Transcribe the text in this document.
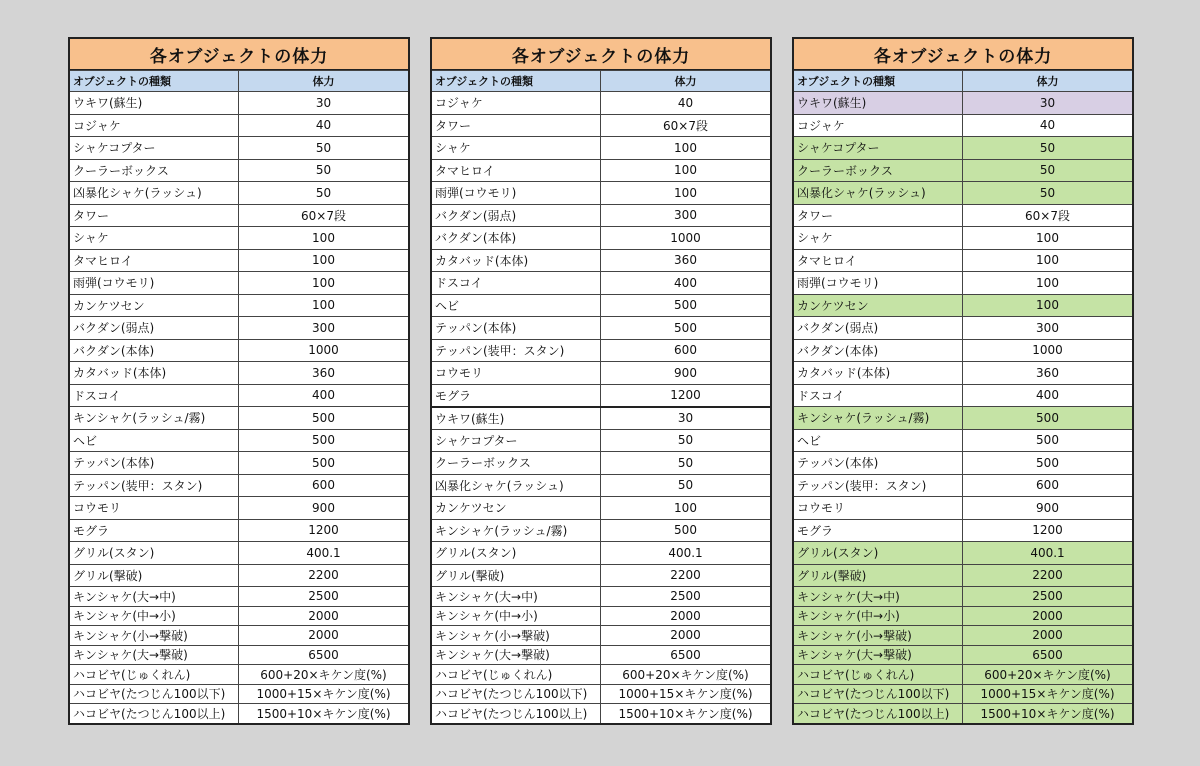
各オブジェクトの体力
オブジェクトの種類	体力
ウキワ(蘇生)	30
コジャケ	40
シャケコプター	50
クーラーボックス	50
凶暴化シャケ(ラッシュ)	50
タワー	60×7段
シャケ	100
タマヒロイ	100
雨弾(コウモリ)	100
カンケツセン	100
バクダン(弱点)	300
バクダン(本体)	1000
カタバッド(本体)	360
ドスコイ	400
キンシャケ(ラッシュ/霧)	500
ヘビ	500
テッパン(本体)	500
テッパン(装甲：スタン)	600
コウモリ	900
モグラ	1200
グリル(スタン)	400.1
グリル(撃破)	2200
キンシャケ(大→中)	2500
キンシャケ(中→小)	2000
キンシャケ(小→撃破)	2000
キンシャケ(大→撃破)	6500
ハコビヤ(じゅくれん)	600+20×キケン度(%)
ハコビヤ(たつじん100以下)	1000+15×キケン度(%)
ハコビヤ(たつじん100以上)	1500+10×キケン度(%)
各オブジェクトの体力
オブジェクトの種類	体力
コジャケ	40
タワー	60×7段
シャケ	100
タマヒロイ	100
雨弾(コウモリ)	100
バクダン(弱点)	300
バクダン(本体)	1000
カタバッド(本体)	360
ドスコイ	400
ヘビ	500
テッパン(本体)	500
テッパン(装甲：スタン)	600
コウモリ	900
モグラ	1200
ウキワ(蘇生)	30
シャケコプター	50
クーラーボックス	50
凶暴化シャケ(ラッシュ)	50
カンケツセン	100
キンシャケ(ラッシュ/霧)	500
グリル(スタン)	400.1
グリル(撃破)	2200
キンシャケ(大→中)	2500
キンシャケ(中→小)	2000
キンシャケ(小→撃破)	2000
キンシャケ(大→撃破)	6500
ハコビヤ(じゅくれん)	600+20×キケン度(%)
ハコビヤ(たつじん100以下)	1000+15×キケン度(%)
ハコビヤ(たつじん100以上)	1500+10×キケン度(%)
各オブジェクトの体力
オブジェクトの種類	体力
ウキワ(蘇生)	30
コジャケ	40
シャケコプター	50
クーラーボックス	50
凶暴化シャケ(ラッシュ)	50
タワー	60×7段
シャケ	100
タマヒロイ	100
雨弾(コウモリ)	100
カンケツセン	100
バクダン(弱点)	300
バクダン(本体)	1000
カタバッド(本体)	360
ドスコイ	400
キンシャケ(ラッシュ/霧)	500
ヘビ	500
テッパン(本体)	500
テッパン(装甲：スタン)	600
コウモリ	900
モグラ	1200
グリル(スタン)	400.1
グリル(撃破)	2200
キンシャケ(大→中)	2500
キンシャケ(中→小)	2000
キンシャケ(小→撃破)	2000
キンシャケ(大→撃破)	6500
ハコビヤ(じゅくれん)	600+20×キケン度(%)
ハコビヤ(たつじん100以下)	1000+15×キケン度(%)
ハコビヤ(たつじん100以上)	1500+10×キケン度(%)
